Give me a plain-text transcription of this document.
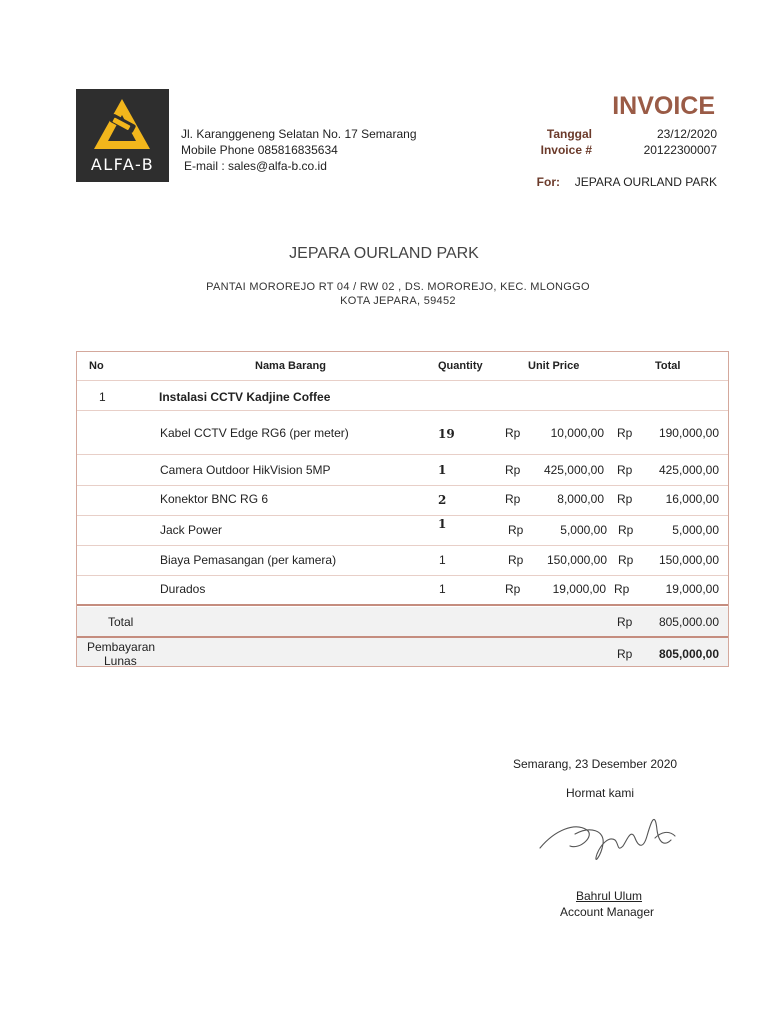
ALFA-B
Jl. Karanggeneng Selatan No. 17 Semarang
Mobile Phone 085816835634
E-mail : sales@alfa-b.co.id
INVOICE
Tanggal	23/12/2020
Invoice #	20122300007
For: JEPARA OURLAND PARK
JEPARA OURLAND PARK
PANTAI MOROREJO RT 04 / RW 02 , DS. MOROREJO, KEC. MLONGGO
KOTA JEPARA, 59452
No	Nama Barang	Quantity	Unit Price	Total
1	Instalasi CCTV Kadjine Coffee
Kabel CCTV Edge RG6 (per meter)	19	Rp	10,000,00 Rp 190,000,00
Camera Outdoor HikVision 5MP	1	Rp 425,000,00 Rp 425,000,00
Konektor BNC RG 6	2	Rp	8,000,00 Rp	16,000,00
Jack Power	1	Rp	5,000,00 Rp	5,000,00
Biaya Pemasangan (per kamera)	1	Rp 150,000,00 Rp 150,000,00
Durados	1	Rp	19,000,00 Rp	19,000,00
Total	Rp 805,000.00
Pembayaran
Lunas	Rp 805,000,00
Semarang, 23 Desember 2020
Hormat kami
Bahrul Ulum
Account Manager
